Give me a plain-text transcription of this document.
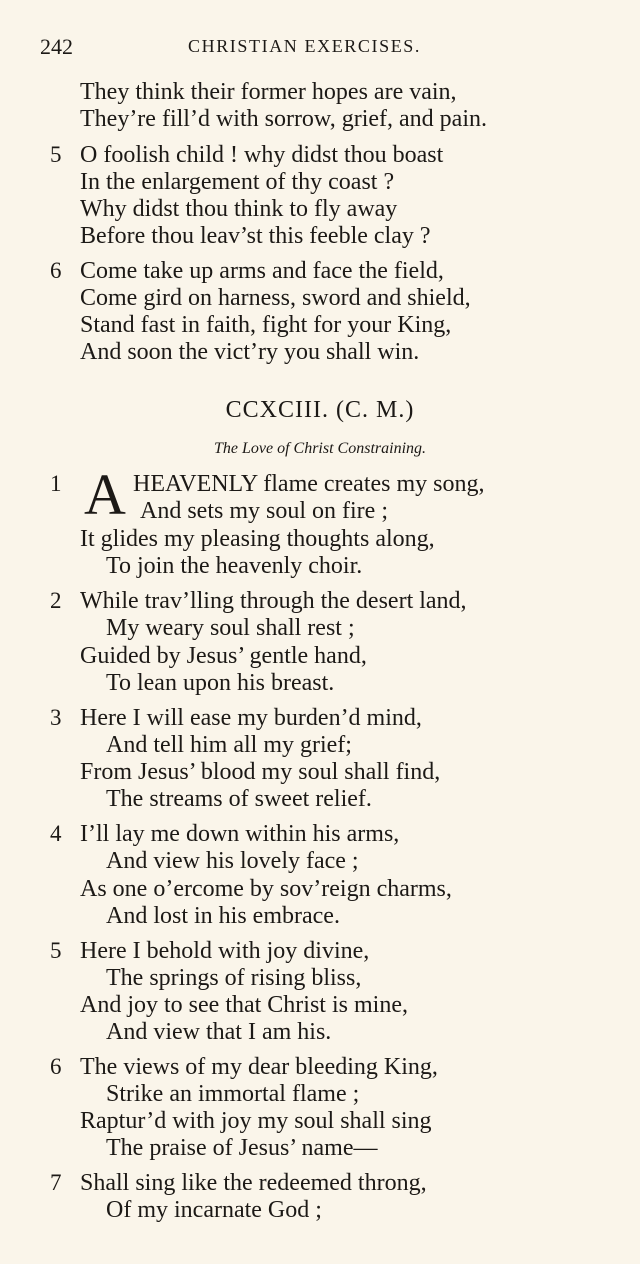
242	CHRISTIAN EXERCISES.
They think their former hopes are vain,
They’re fill’d with sorrow, grief, and pain.
5 O foolish child ! why didst thou boast
In the enlargement of thy coast ?
Why didst thou think to fly away
Before thou leav’st this feeble clay ?
6 Come take up arms and face the field,
Come gird on harness, sword and shield,
Stand fast in faith, fight for your King,
And soon the vict’ry you shall win.
CCXCIII. (C. M.)
The Love of Christ Constraining.
1 A HEAVENLY flame creates my song,
And sets my soul on fire ;
It glides my pleasing thoughts along,
To join the heavenly choir.
2 While trav’lling through the desert land,
My weary soul shall rest ;
Guided by Jesus’ gentle hand,
To lean upon his breast.
3 Here I will ease my burden’d mind,
And tell him all my grief;
From Jesus’ blood my soul shall find,
The streams of sweet relief.
4 I’ll lay me down within his arms,
And view his lovely face ;
As one o’ercome by sov’reign charms,
And lost in his embrace.
5 Here I behold with joy divine,
The springs of rising bliss,
And joy to see that Christ is mine,
And view that I am his.
6 The views of my dear bleeding King,
Strike an immortal flame ;
Raptur’d with joy my soul shall sing
The praise of Jesus’ name—
7 Shall sing like the redeemed throng,
Of my incarnate God ;
